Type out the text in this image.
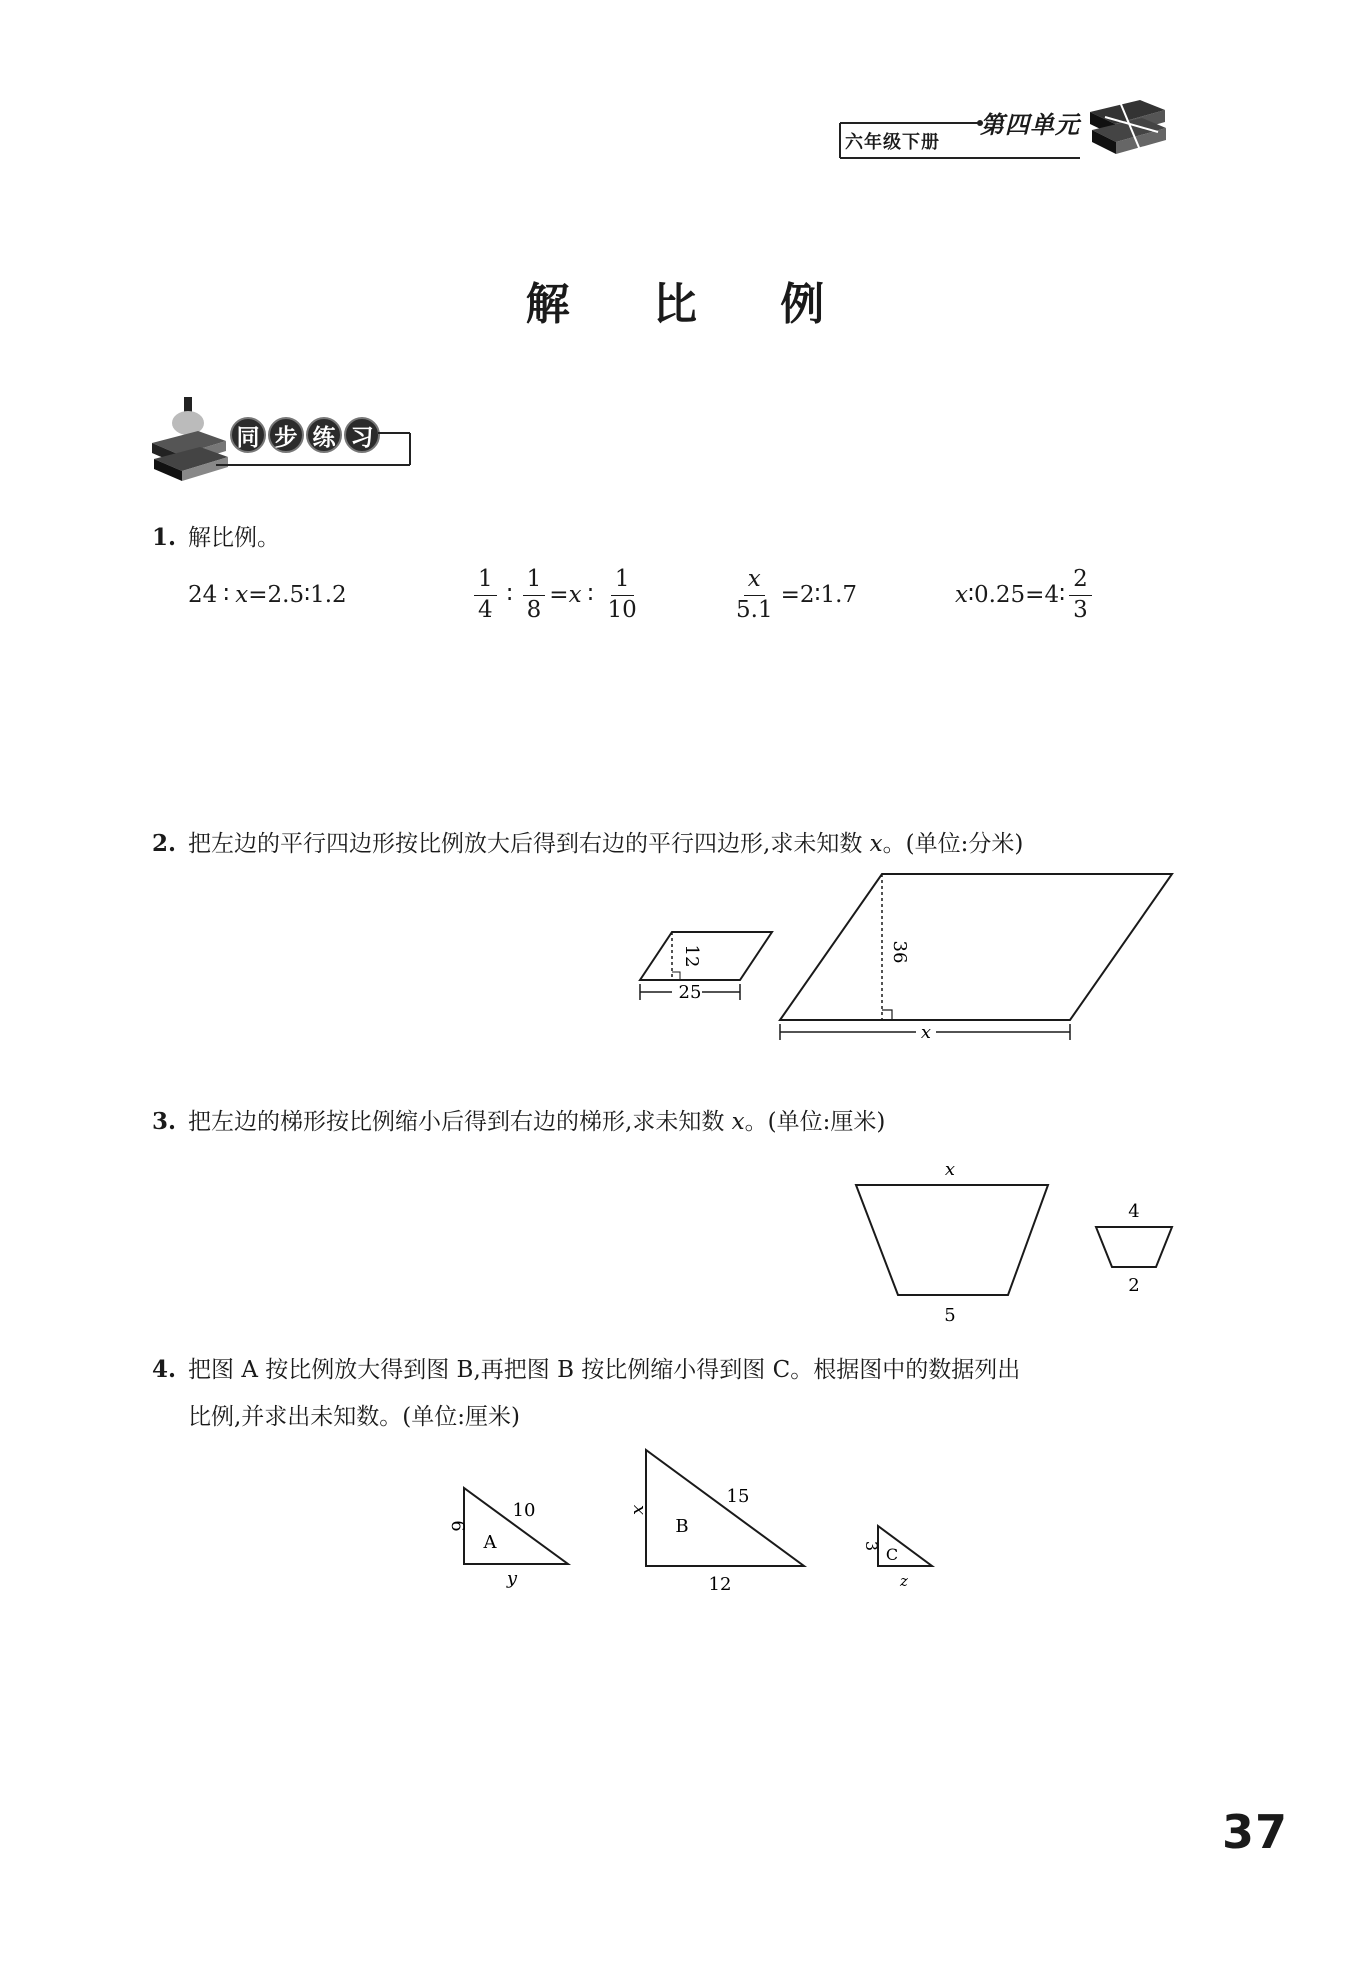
六年级下册
第四单元
解 比 例
同 步 练 习
1. 解比例。
24 ∶ x =2.5∶1.2	$\frac{1}{4}$ ∶ $\frac{1}{8} = x$ ∶ $\frac{1}{10}$	$\frac{x}{5.1}$ =2∶1.7	x ∶0.25=4∶ $\frac{2}{3}$
2. 把左边的平行四边形按比例放大后得到右边的平行四边形,求未知数 x。(单位:分米)
12
25
36
x
3. 把左边的梯形按比例缩小后得到右边的梯形,求未知数 x。(单位:厘米)
x
5
4
2
4. 把图 A 按比例放大得到图 B,再把图 B 按比例缩小得到图 C。根据图中的数据列出
比例,并求出未知数。(单位:厘米)
6
10
A
y
x
15
B
12
3 C
z
37
